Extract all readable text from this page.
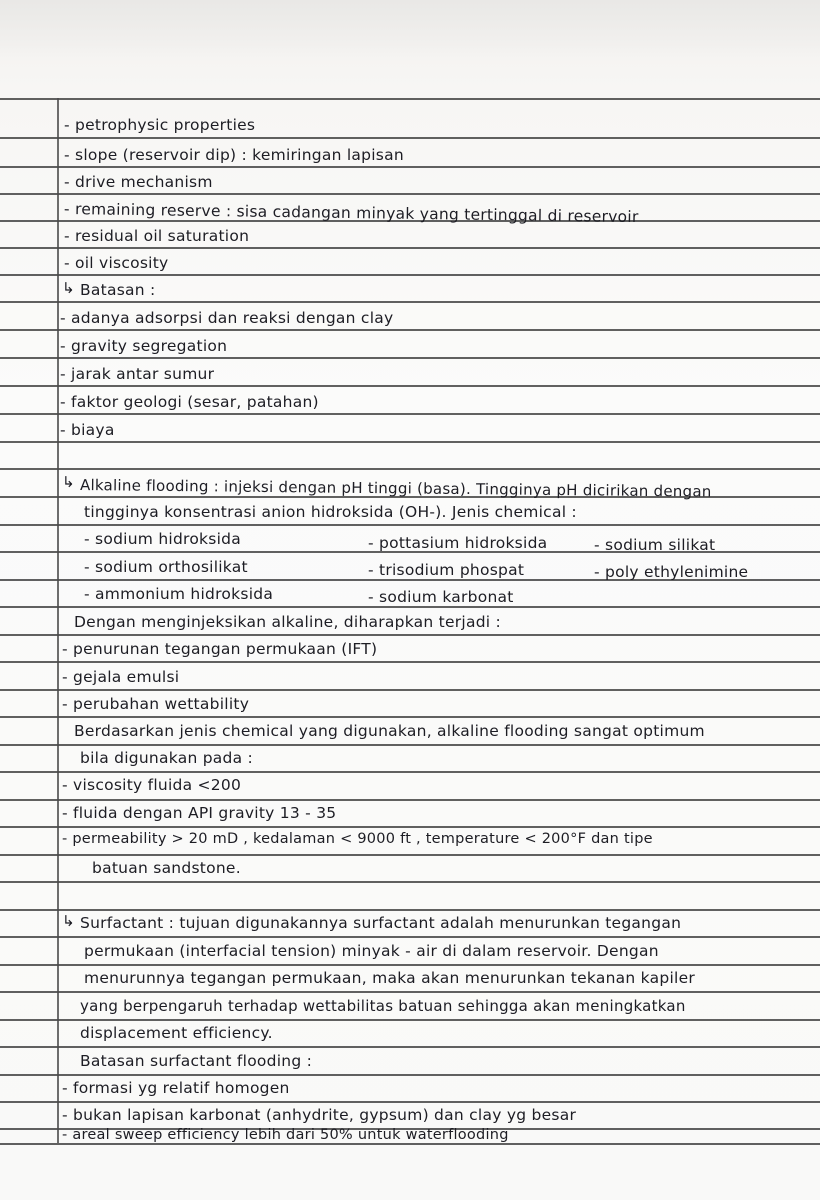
- petrophysic properties
- slope (reservoir dip) : kemiringan lapisan
- drive mechanism
- remaining reserve : sisa cadangan minyak yang tertinggal di reservoir
- residual oil saturation
- oil viscosity
↳ Batasan :
- adanya adsorpsi dan reaksi dengan clay
- gravity segregation
- jarak antar sumur
- faktor geologi (sesar, patahan)
- biaya
↳ Alkaline flooding : injeksi dengan pH tinggi (basa). Tingginya pH dicirikan dengan
tingginya konsentrasi anion hidroksida (OH-). Jenis chemical :
- sodium hidroksida	- pottasium hidroksida	- sodium silikat
- sodium orthosilikat	- trisodium phospat	- poly ethylenimine
- ammonium hidroksida	- sodium karbonat
Dengan menginjeksikan alkaline, diharapkan terjadi :
- penurunan tegangan permukaan (IFT)
- gejala emulsi
- perubahan wettability
Berdasarkan jenis chemical yang digunakan, alkaline flooding sangat optimum
bila digunakan pada :
- viscosity fluida <200
- fluida dengan API gravity 13 - 35
- permeability > 20 mD , kedalaman < 9000 ft , temperature < 200°F dan tipe
batuan sandstone.
↳ Surfactant : tujuan digunakannya surfactant adalah menurunkan tegangan
permukaan (interfacial tension) minyak - air di dalam reservoir. Dengan
menurunnya tegangan permukaan, maka akan menurunkan tekanan kapiler
yang berpengaruh terhadap wettabilitas batuan sehingga akan meningkatkan
displacement efficiency.
Batasan surfactant flooding :
- formasi yg relatif homogen
- bukan lapisan karbonat (anhydrite, gypsum) dan clay yg besar
- areal sweep efficiency lebih dari 50% untuk waterflooding
